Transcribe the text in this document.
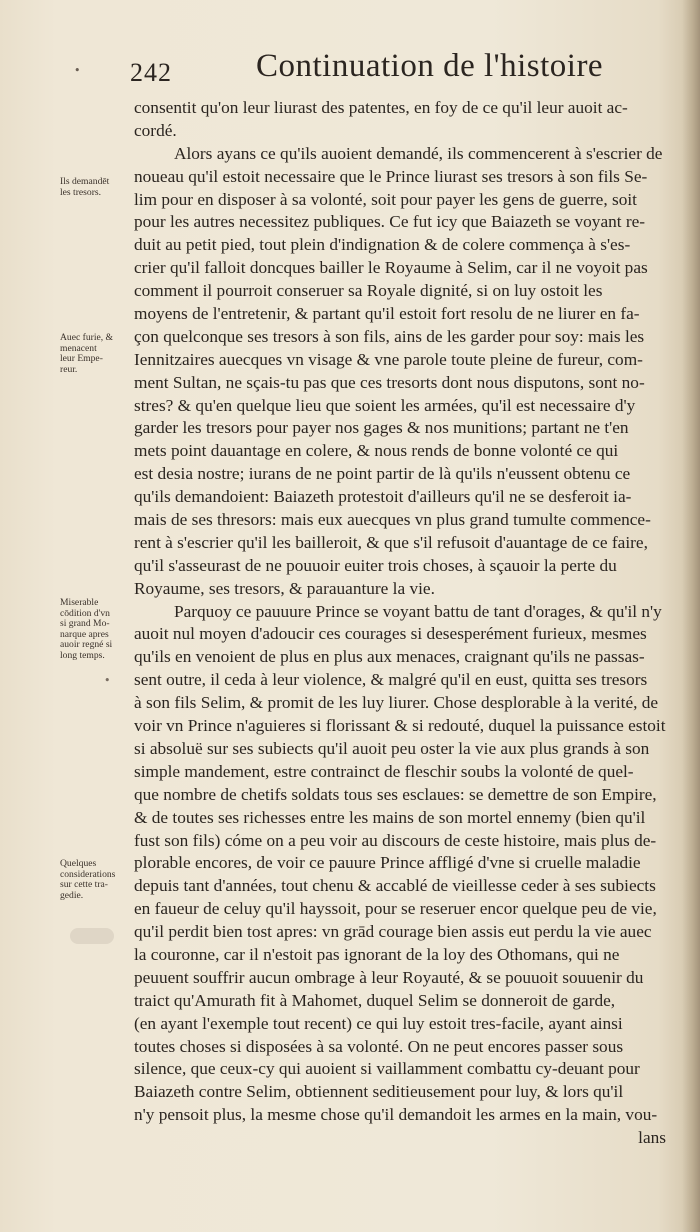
• 242	Continuation de l'histoire
consentit qu'on leur liurast des patentes, en foy de ce qu'il leur auoit ac-
cordé.
Alors ayans ce qu'ils auoient demandé, ils commencerent à s'escrier de
noueau qu'il estoit necessaire que le Prince liurast ses tresors à son fils Se-
lim pour en disposer à sa volonté, soit pour payer les gens de guerre, soit
pour les autres necessitez publiques. Ce fut icy que Baiazeth se voyant re-
duit au petit pied, tout plein d'indignation & de colere commença à s'es-
crier qu'il falloit doncques bailler le Royaume à Selim, car il ne voyoit pas
comment il pourroit conseruer sa Royale dignité, si on luy ostoit les
moyens de l'entretenir, & partant qu'il estoit fort resolu de ne liurer en fa-
çon quelconque ses tresors à son fils, ains de les garder pour soy: mais les
Iennitzaires auecques vn visage & vne parole toute pleine de fureur, com-
ment Sultan, ne sçais-tu pas que ces tresorts dont nous disputons, sont no-
stres? & qu'en quelque lieu que soient les armées, qu'il est necessaire d'y
garder les tresors pour payer nos gages & nos munitions; partant ne t'en
mets point dauantage en colere, & nous rends de bonne volonté ce qui
est desia nostre; iurans de ne point partir de là qu'ils n'eussent obtenu ce
qu'ils demandoient: Baiazeth protestoit d'ailleurs qu'il ne se desferoit ia-
mais de ses thresors: mais eux auecques vn plus grand tumulte commence-
rent à s'escrier qu'il les bailleroit, & que s'il refusoit d'auantage de ce faire,
qu'il s'asseurast de ne pouuoir euiter trois choses, à sçauoir la perte du
Royaume, ses tresors, & parauanture la vie.
Parquoy ce pauuure Prince se voyant battu de tant d'orages, & qu'il n'y
auoit nul moyen d'adoucir ces courages si desesperément furieux, mesmes
qu'ils en venoient de plus en plus aux menaces, craignant qu'ils ne passas-
sent outre, il ceda à leur violence, & malgré qu'il en eust, quitta ses tresors
à son fils Selim, & promit de les luy liurer. Chose desplorable à la verité, de
voir vn Prince n'aguieres si florissant & si redouté, duquel la puissance estoit
si absoluë sur ses subiects qu'il auoit peu oster la vie aux plus grands à son
simple mandement, estre contrainct de fleschir soubs la volonté de quel-
que nombre de chetifs soldats tous ses esclaues: se demettre de son Empire,
& de toutes ses richesses entre les mains de son mortel ennemy (bien qu'il
fust son fils) cóme on a peu voir au discours de ceste histoire, mais plus de-
plorable encores, de voir ce pauure Prince affligé d'vne si cruelle maladie
depuis tant d'années, tout chenu & accablé de vieillesse ceder à ses subiects
en faueur de celuy qu'il hayssoit, pour se reseruer encor quelque peu de vie,
qu'il perdit bien tost apres: vn grād courage bien assis eut perdu la vie auec
la couronne, car il n'estoit pas ignorant de la loy des Othomans, qui ne
peuuent souffrir aucun ombrage à leur Royauté, & se pouuoit souuenir du
traict qu'Amurath fit à Mahomet, duquel Selim se donneroit de garde,
(en ayant l'exemple tout recent) ce qui luy estoit tres-facile, ayant ainsi
toutes choses si disposées à sa volonté. On ne peut encores passer sous
silence, que ceux-cy qui auoient si vaillamment combattu cy-deuant pour
Baiazeth contre Selim, obtiennent seditieusement pour luy, & lors qu'il
n'y pensoit plus, la mesme chose qu'il demandoit les armes en la main, vou-
lans
Ils demandēt
les tresors.
Auec furie, &
menacent
leur Empe-
reur.
Miserable
cōdition d'vn
si grand Mo-
narque apres
auoir regné si
long temps.
Quelques
considerations
sur cette tra-
gedie.
•
